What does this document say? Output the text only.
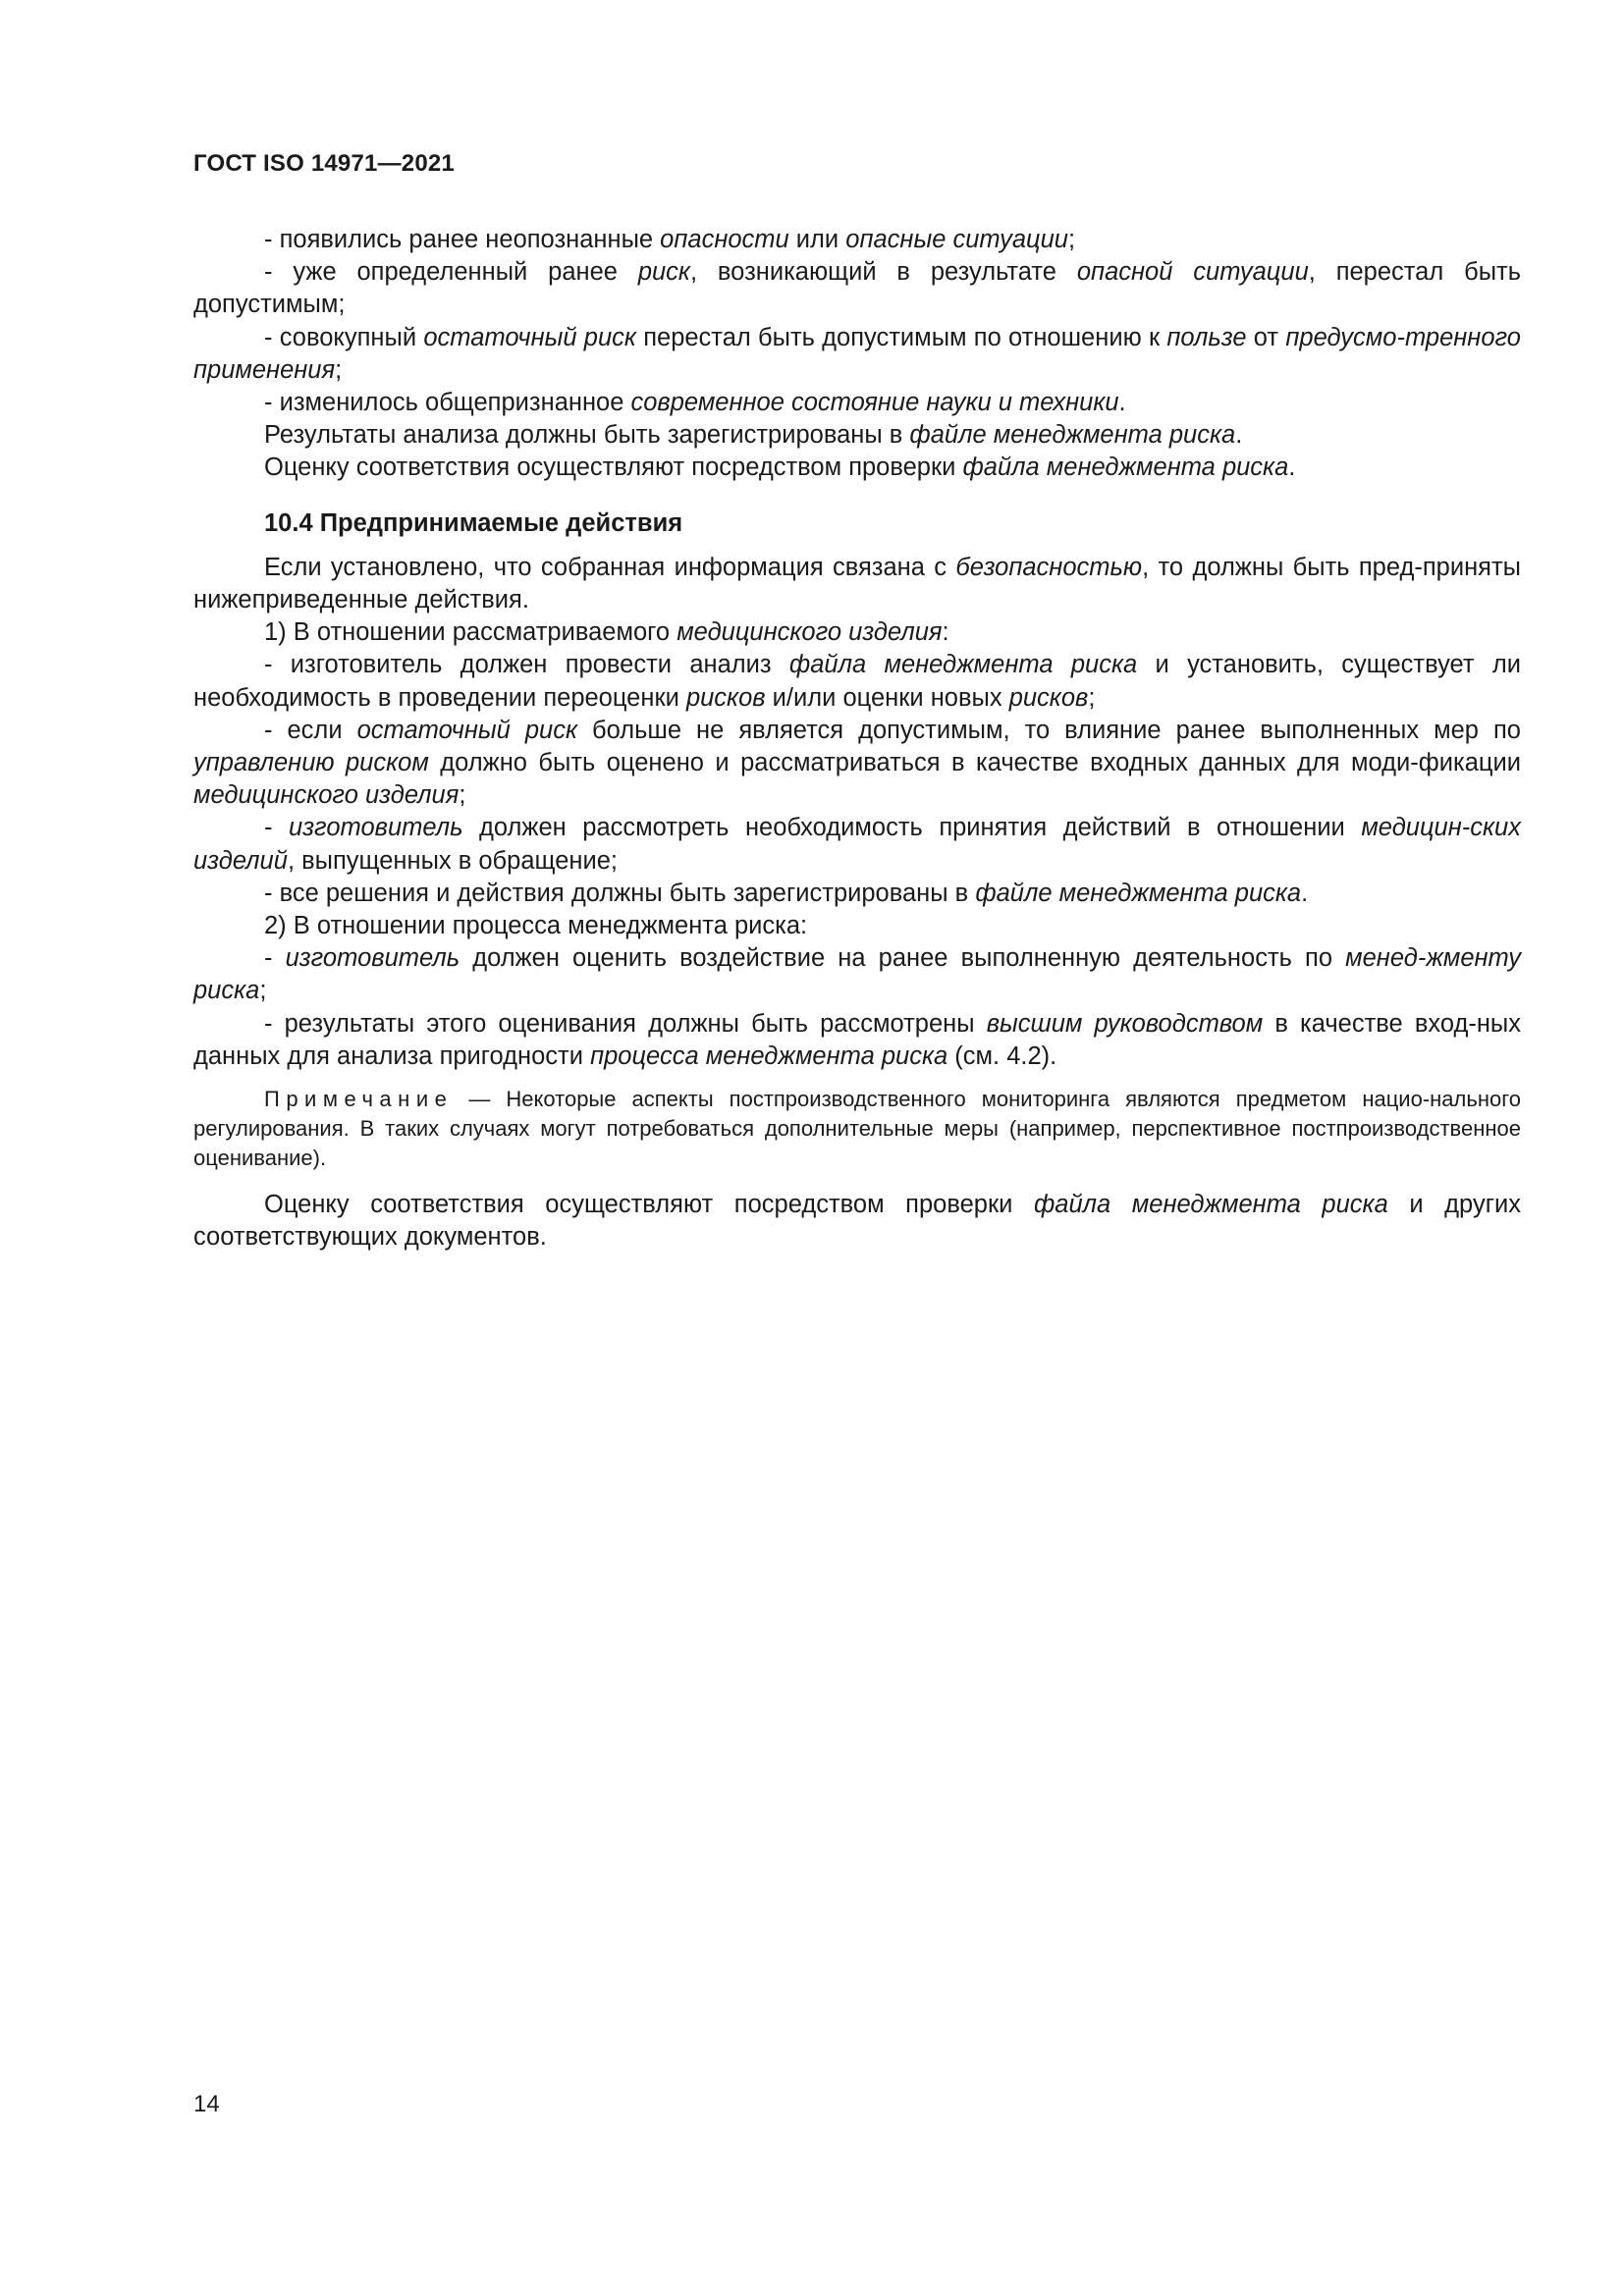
ГОСТ ISO 14971—2021
- появились ранее неопознанные опасности или опасные ситуации;
- уже определенный ранее риск, возникающий в результате опасной ситуации, перестал быть допустимым;
- совокупный остаточный риск перестал быть допустимым по отношению к пользе от предусмо-тренного применения;
- изменилось общепризнанное современное состояние науки и техники.
Результаты анализа должны быть зарегистрированы в файле менеджмента риска.
Оценку соответствия осуществляют посредством проверки файла менеджмента риска.
10.4 Предпринимаемые действия
Если установлено, что собранная информация связана с безопасностью, то должны быть пред-приняты нижеприведенные действия.
1) В отношении рассматриваемого медицинского изделия:
- изготовитель должен провести анализ файла менеджмента риска и установить, существует ли необходимость в проведении переоценки рисков и/или оценки новых рисков;
- если остаточный риск больше не является допустимым, то влияние ранее выполненных мер по управлению риском должно быть оценено и рассматриваться в качестве входных данных для моди-фикации медицинского изделия;
- изготовитель должен рассмотреть необходимость принятия действий в отношении медицин-ских изделий, выпущенных в обращение;
- все решения и действия должны быть зарегистрированы в файле менеджмента риска.
2) В отношении процесса менеджмента риска:
- изготовитель должен оценить воздействие на ранее выполненную деятельность по менед-жменту риска;
- результаты этого оценивания должны быть рассмотрены высшим руководством в качестве вход-ных данных для анализа пригодности процесса менеджмента риска (см. 4.2).
Примечание — Некоторые аспекты постпроизводственного мониторинга являются предметом нацио-нального регулирования. В таких случаях могут потребоваться дополнительные меры (например, перспективное постпроизводственное оценивание).
Оценку соответствия осуществляют посредством проверки файла менеджмента риска и других соответствующих документов.
14
